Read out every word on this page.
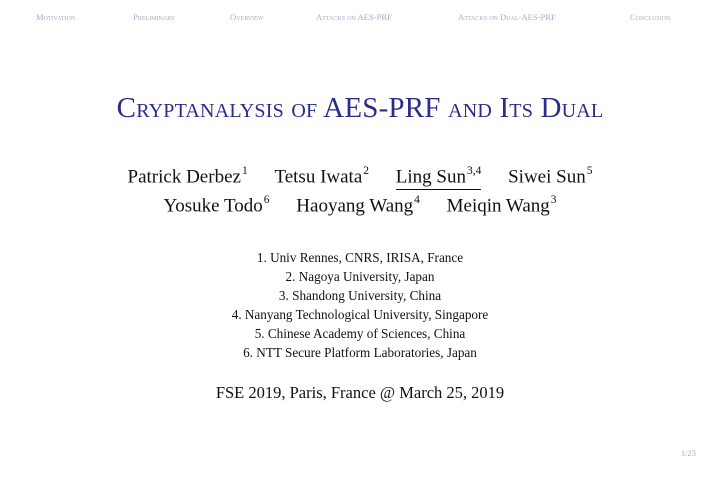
Motivation	Preliminary	Overview	Attacks on AES-PRF	Attacks on Dual-AES-PRF	Conclusion
Cryptanalysis of AES-PRF and Its Dual
Patrick Derbez$^1$ Tetsu Iwata$^2$ Ling Sun$^{3,4}$ Siwei Sun$^5$
Yosuke Todo$^6$ Haoyang Wang$^4$ Meiqin Wang$^3$
1. Univ Rennes, CNRS, IRISA, France
2. Nagoya University, Japan
3. Shandong University, China
4. Nanyang Technological University, Singapore
5. Chinese Academy of Sciences, China
6. NTT Secure Platform Laboratories, Japan
FSE 2019, Paris, France @ March 25, 2019
1/23
